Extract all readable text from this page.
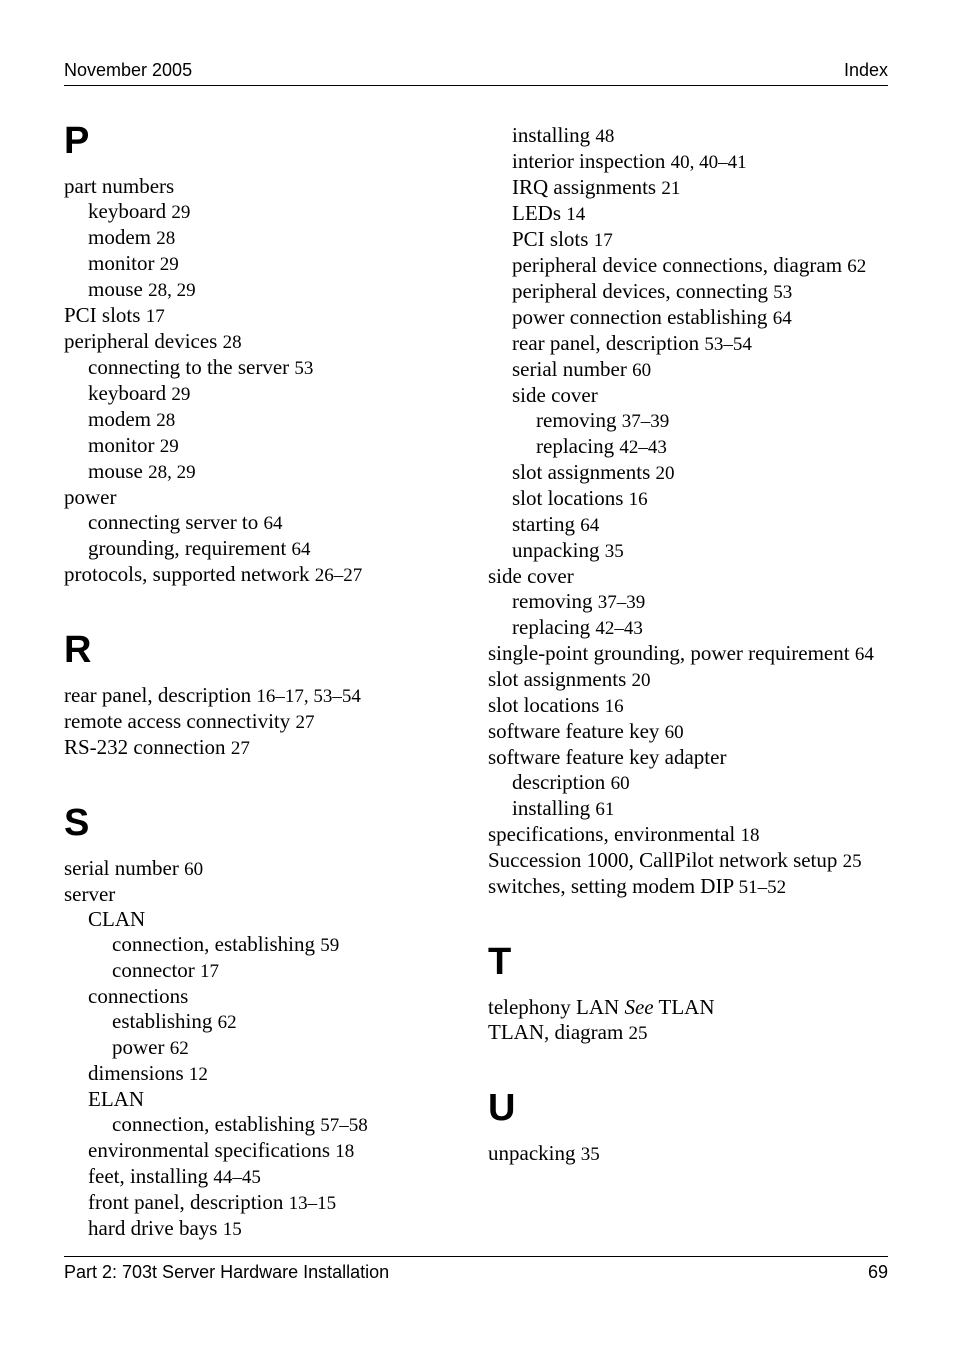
November 2005	Index
P
part numbers
keyboard 29
modem 28
monitor 29
mouse 28, 29
PCI slots 17
peripheral devices 28
connecting to the server 53
keyboard 29
modem 28
monitor 29
mouse 28, 29
power
connecting server to 64
grounding, requirement 64
protocols, supported network 26–27
R
rear panel, description 16–17, 53–54
remote access connectivity 27
RS-232 connection 27
S
serial number 60
server
CLAN
connection, establishing 59
connector 17
connections
establishing 62
power 62
dimensions 12
ELAN
connection, establishing 57–58
environmental specifications 18
feet, installing 44–45
front panel, description 13–15
hard drive bays 15
installing 48
interior inspection 40, 40–41
IRQ assignments 21
LEDs 14
PCI slots 17
peripheral device connections, diagram 62
peripheral devices, connecting 53
power connection establishing 64
rear panel, description 53–54
serial number 60
side cover
removing 37–39
replacing 42–43
slot assignments 20
slot locations 16
starting 64
unpacking 35
side cover
removing 37–39
replacing 42–43
single-point grounding, power requirement 64
slot assignments 20
slot locations 16
software feature key 60
software feature key adapter
description 60
installing 61
specifications, environmental 18
Succession 1000, CallPilot network setup 25
switches, setting modem DIP 51–52
T
telephony LAN See TLAN
TLAN, diagram 25
U
unpacking 35
Part 2: 703t Server Hardware Installation	69
